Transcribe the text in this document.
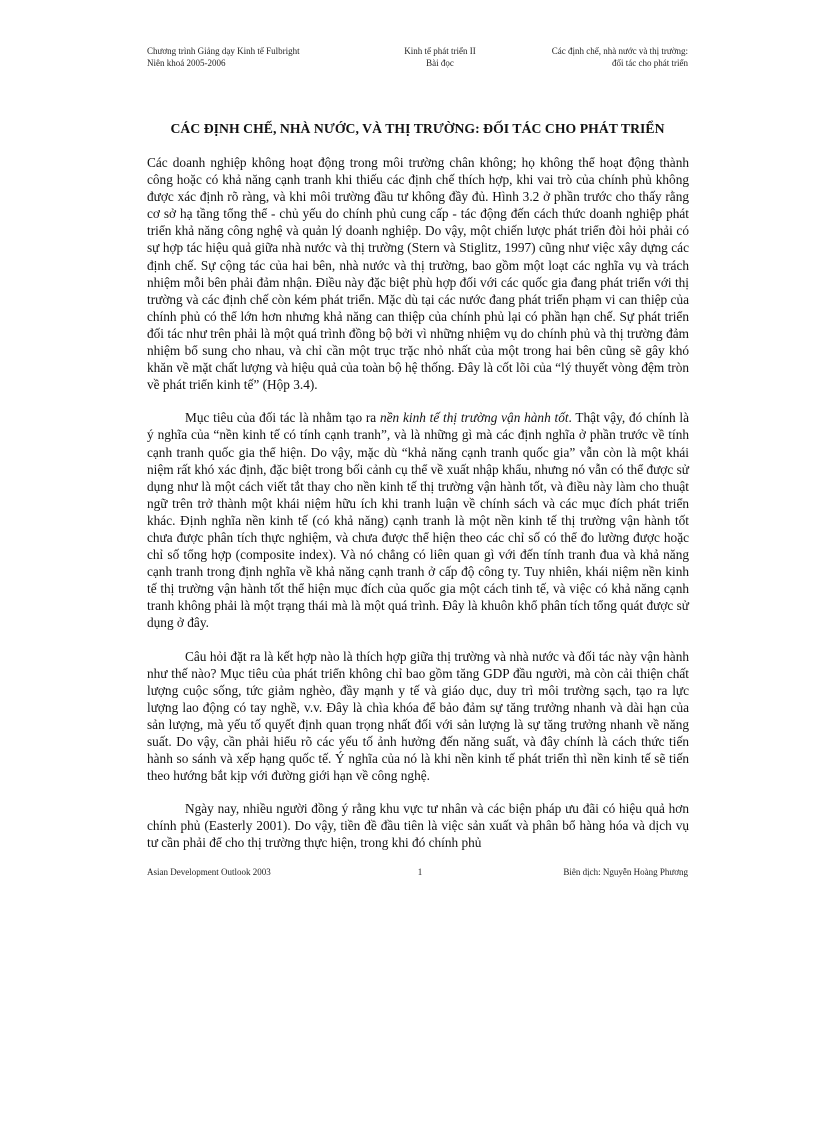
Chương trình Giảng dạy Kinh tế Fulbright
Niên khoá 2005-2006
Kinh tế phát triển II
Bài đọc
Các định chế, nhà nước và thị trường:
đối tác cho phát triển
CÁC ĐỊNH CHẾ, NHÀ NƯỚC, VÀ THỊ TRƯỜNG: ĐỐI TÁC CHO PHÁT TRIỂN

Các doanh nghiệp không hoạt động trong môi trường chân không; họ không thể hoạt động thành công hoặc có khả năng cạnh tranh khi thiếu các định chế thích hợp, khi vai trò của chính phủ không được xác định rõ ràng, và khi môi trường đầu tư không đầy đủ. Hình 3.2 ở phần trước cho thấy rằng cơ sở hạ tầng tổng thể - chủ yếu do chính phủ cung cấp - tác động đến cách thức doanh nghiệp phát triển khả năng công nghệ và quản lý doanh nghiệp. Do vậy, một chiến lược phát triển đòi hỏi phải có sự hợp tác hiệu quả giữa nhà nước và thị trường (Stern và Stiglitz, 1997) cũng như việc xây dựng các định chế. Sự cộng tác của hai bên, nhà nước và thị trường, bao gồm một loạt các nghĩa vụ và trách nhiệm mỗi bên phải đảm nhận. Điều này đặc biệt phù hợp đối với các quốc gia đang phát triển với thị trường và các định chế còn kém phát triển. Mặc dù tại các nước đang phát triển phạm vi can thiệp của chính phủ có thể lớn hơn nhưng khả năng can thiệp của chính phủ lại có phần hạn chế. Sự phát triển đối tác như trên phải là một quá trình đồng bộ bởi vì những nhiệm vụ do chính phủ và thị trường đảm nhiệm bổ sung cho nhau, và chỉ cần một trục trặc nhỏ nhất của một trong hai bên cũng sẽ gây khó khăn về mặt chất lượng và hiệu quả của toàn bộ hệ thống. Đây là cốt lõi của “lý thuyết vòng đệm tròn về phát triển kinh tế” (Hộp 3.4).

Mục tiêu của đối tác là nhằm tạo ra nền kinh tế thị trường vận hành tốt. Thật vậy, đó chính là ý nghĩa của “nền kinh tế có tính cạnh tranh”, và là những gì mà các định nghĩa ở phần trước về tính cạnh tranh quốc gia thể hiện. Do vậy, mặc dù “khả năng cạnh tranh quốc gia” vẫn còn là một khái niệm rất khó xác định, đặc biệt trong bối cảnh cụ thể về xuất nhập khẩu, nhưng nó vẫn có thể được sử dụng như là một cách viết tắt thay cho nền kinh tế thị trường vận hành tốt, và điều này làm cho thuật ngữ trên trở thành một khái niệm hữu ích khi tranh luận về chính sách và các mục đích phát triển khác. Định nghĩa nền kinh tế (có khả năng) cạnh tranh là một nền kinh tế thị trường vận hành tốt chưa được phân tích thực nghiệm, và chưa được thể hiện theo các chỉ số có thể đo lường được hoặc chỉ số tổng hợp (composite index). Và nó chẳng có liên quan gì với đến tính tranh đua và khả năng cạnh tranh trong định nghĩa về khả năng cạnh tranh ở cấp độ công ty. Tuy nhiên, khái niệm nền kinh tế thị trường vận hành tốt thể hiện mục đích của quốc gia một cách tinh tế, và việc có khả năng cạnh tranh không phải là một trạng thái mà là một quá trình. Đây là khuôn khổ phân tích tổng quát được sử dụng ở đây.

Câu hỏi đặt ra là kết hợp nào là thích hợp giữa thị trường và nhà nước và đối tác này vận hành như thế nào? Mục tiêu của phát triển không chỉ bao gồm tăng GDP đầu người, mà còn cải thiện chất lượng cuộc sống, tức giảm nghèo, đầy mạnh y tế và giáo dục, duy trì môi trường sạch, tạo ra lực lượng lao động có tay nghề, v.v. Đây là chìa khóa để bảo đảm sự tăng trưởng nhanh và dài hạn của sản lượng, mà yếu tố quyết định quan trọng nhất đối với sản lượng là sự tăng trưởng nhanh về năng suất. Do vậy, cần phải hiểu rõ các yếu tố ảnh hưởng đến năng suất, và đây chính là cách thức tiến hành so sánh và xếp hạng quốc tế. Ý nghĩa của nó là khi nền kinh tế phát triển thì nền kinh tế sẽ tiến theo hướng bắt kịp với đường giới hạn về công nghệ.

Ngày nay, nhiều người đồng ý rằng khu vực tư nhân và các biện pháp ưu đãi có hiệu quả hơn chính phủ (Easterly 2001). Do vậy, tiền đề đầu tiên là việc sản xuất và phân bổ hàng hóa và dịch vụ tư cần phải để cho thị trường thực hiện, trong khi đó chính phủ

Asian Development Outlook 2003	1	Biên dịch: Nguyễn Hoàng Phương
